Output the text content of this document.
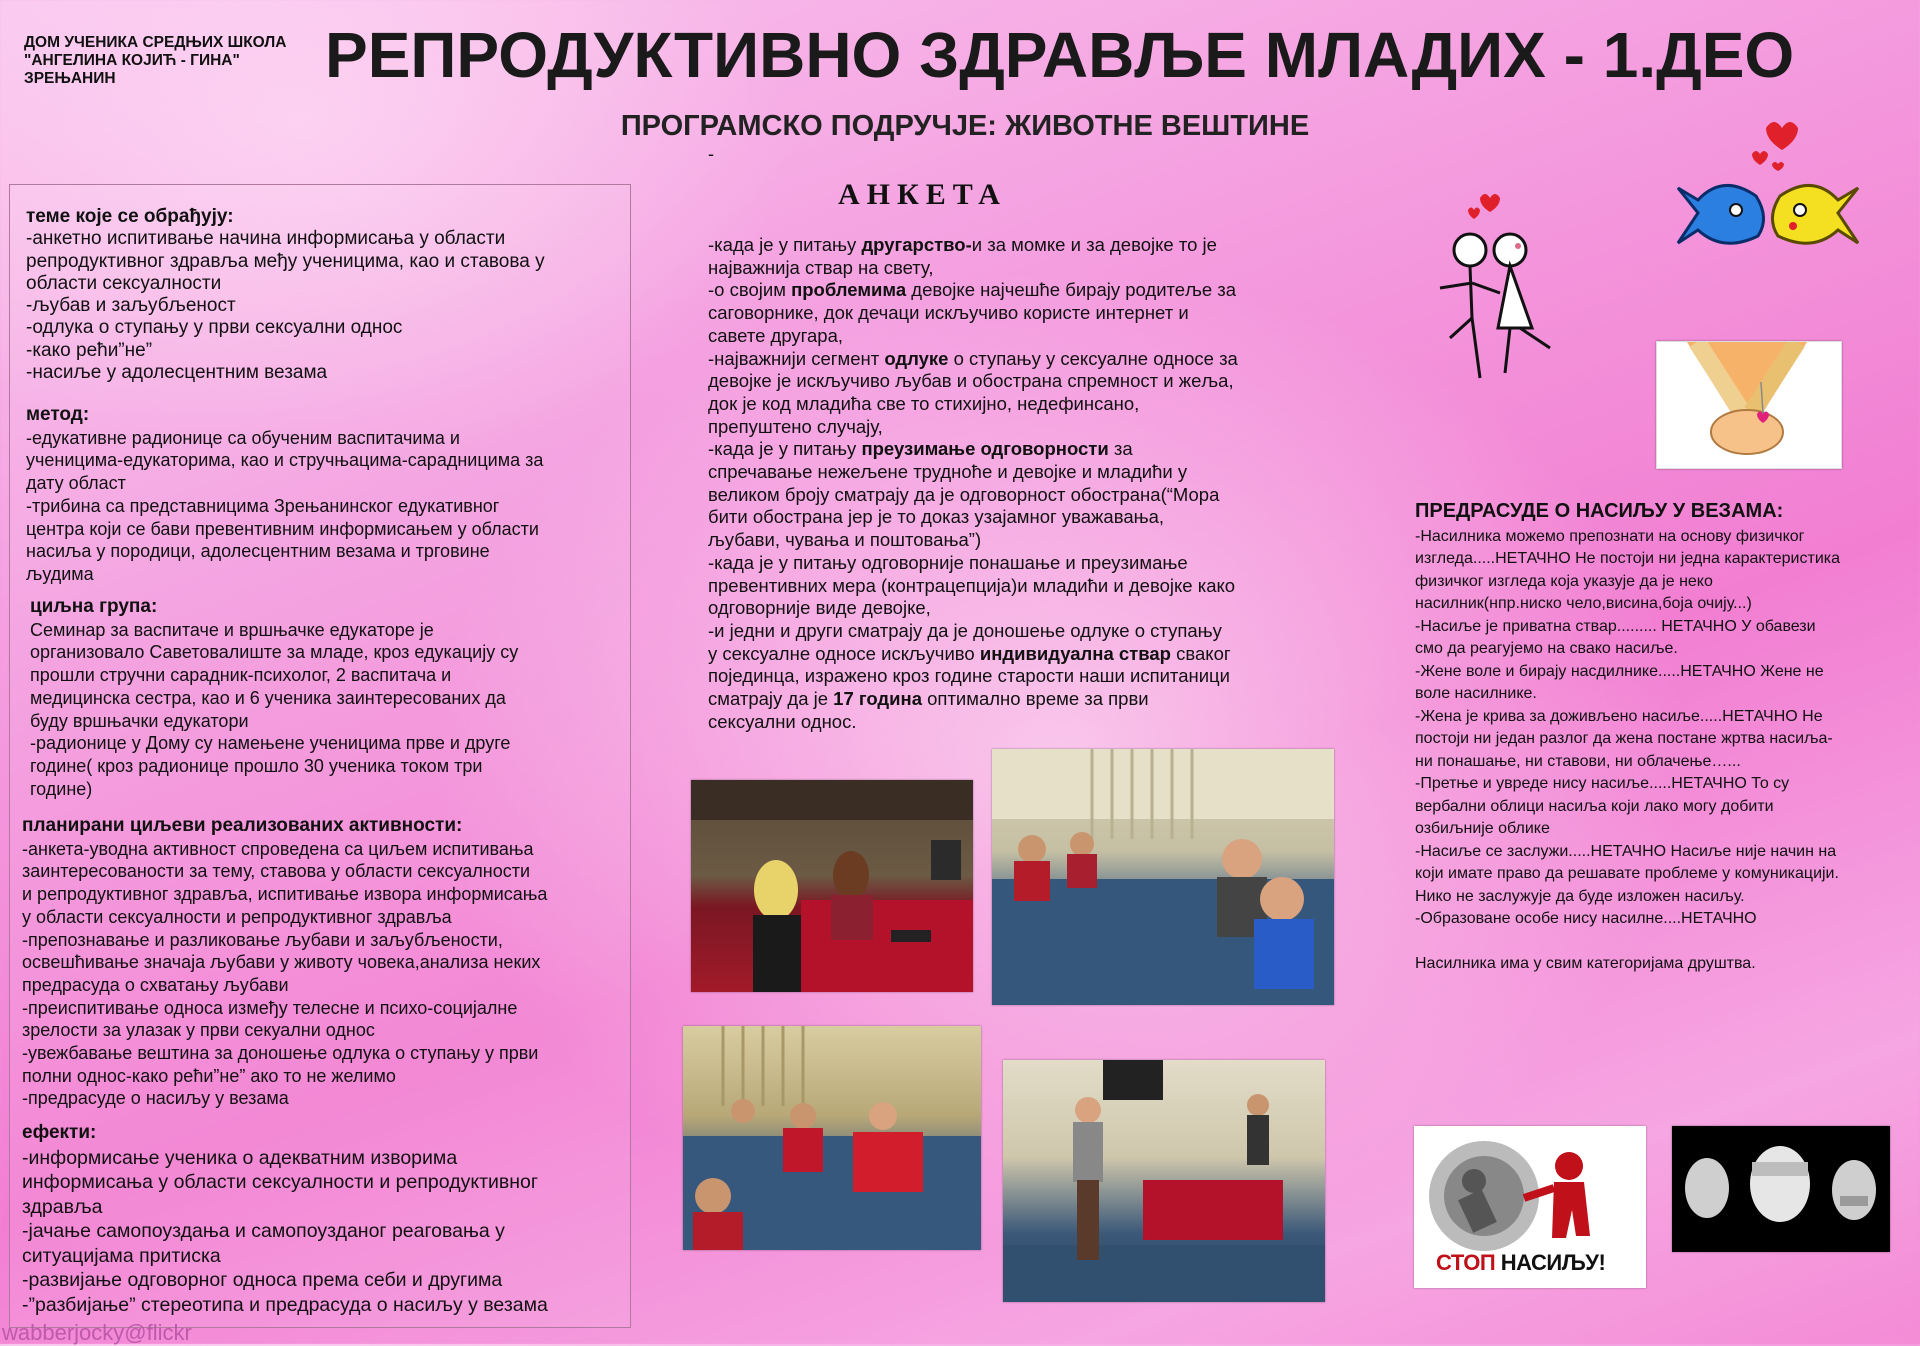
ДОМ УЧЕНИКА СРЕДЊИХ ШКОЛА
"АНГЕЛИНА КОЈИЋ - ГИНА"
ЗРЕЊАНИН	РЕПРОДУКТИВНО ЗДРАВЉЕ МЛАДИХ - 1.ДЕО
ПРОГРАМСКО ПОДРУЧЈЕ: ЖИВОТНЕ ВЕШТИНЕ
-
теме које се обрађују:
-анкетно испитивање начина информисања у области
репродуктивног здравља међу ученицима, као и ставова у
области сексуалности
-љубав и заљубљеност
-одлука о ступању у први сексуални однос
-како рећи”не”
-насиље у адолесцентним везама
метод:
-едукативне радионице са обученим васпитачима и
ученицима-едукаторима, као и стручњацима-сарадницима за
дату област
-трибина са представницима Зрењанинског едукативног
центра који се бави превентивним информисањем у области
насиља у породици, адолесцентним везама и трговине
људима
циљна група:
Семинар за васпитаче и вршњачке едукаторе је
организовало Саветовалиште за младе, кроз едукацију су
прошли стручни сарадник-психолог, 2 васпитача и
медицинска сестра, као и 6 ученика заинтересованих да
буду вршњачки едукатори
-радионице у Дому су намењене ученицима прве и друге
године( кроз радионице прошло 30 ученика током три
године)
планирани циљеви реализованих активности:
-анкета-уводна активност спроведена са циљем испитивања
заинтересованости за тему, ставова у области сексуалности
и репродуктивног здравља, испитивање извора информисања
у области сексуалности и репродуктивног здравља
-препознавање и разликовање љубави и заљубљености,
освешћивање значаја љубави у животу човека,анализа неких
предрасуда о схватању љубави
-преиспитивање односа између телесне и психо-социјалне
зрелости за улазак у први секуални однос
-увежбавање вештина за доношење одлука о ступању у први
полни однос-како рећи”не” ако то не желимо
-предрасуде о насиљу у везама
ефекти:
-информисање ученика о адекватним изворима
информисања у области сексуалности и репродуктивног
здравља
-јачање самопоуздања и самопоузданог реаговања у
ситуацијама притиска
-развијање одговорног односа према себи и другима
-”разбијање” стереотипа и предрасуда о насиљу у везама
АНКЕТА
-када је у питању другарство-и за момке и за девојке то је
најважнија ствар на свету,
-о својим проблемима девојке најчешће бирају родитеље за
саговорнике, док дечаци искључиво користе интернет и
савете другара,
-најважнији сегмент одлуке о ступању у сексуалне односе за
девојке је искључиво љубав и обострана спремност и жеља,
док је код младића све то стихијно, недефинсано,
препуштено случају,
-када је у питању преузимање одговорности за
спречавање нежељене трудноће и девојке и младићи у
великом броју сматрају да је одговорност обострана(“Мора
бити обострана јер је то доказ узајамног уважавања,
љубави, чувања и поштовања”)
-када је у питању одговорније понашање и преузимање
превентивних мера (контрацепција)и младићи и девојке како
одговорније виде девојке,
-и једни и други сматрају да је доношење одлуке о ступању
у сексуалне односе искључиво индивидуална ствар сваког
појединца, изражено кроз године старости наши испитаници
сматрају да је 17 година оптимално време за први
сексуални однос.
ПРЕДРАСУДЕ О НАСИЉУ У ВЕЗАМА:
-Насилника можемо препознати на основу физичког
изгледа.....НЕТАЧНО Не постоји ни једна карактеристика
физичког изгледа која указује да је неко
насилник(нпр.ниско чело,висина,боја очију...)
-Насиље је приватна ствар......... НЕТАЧНО У обавези
смо да реагујемо на свако насиље.
-Жене воле и бирају насдилнике.....НЕТАЧНО Жене не
воле насилнике.
-Жена је крива за доживљено насиље.....НЕТАЧНО Не
постоји ни један разлог да жена постане жртва насиља-
ни понашање, ни ставови, ни облачење…...
-Претње и увреде нису насиље.....НЕТАЧНО То су
вербални облици насиља који лако могу добити
озбиљније облике
-Насиље се заслужи.....НЕТАЧНО Насиље није начин на
који имате право да решавате проблеме у комуникацији.
Нико не заслужује да буде изложен насиљу.
-Образоване особе нису насилне....НЕТАЧНО

Насилника има у свим категоријама друштва.
СТОП НАСИЉУ!
wabberjocky@flickr
